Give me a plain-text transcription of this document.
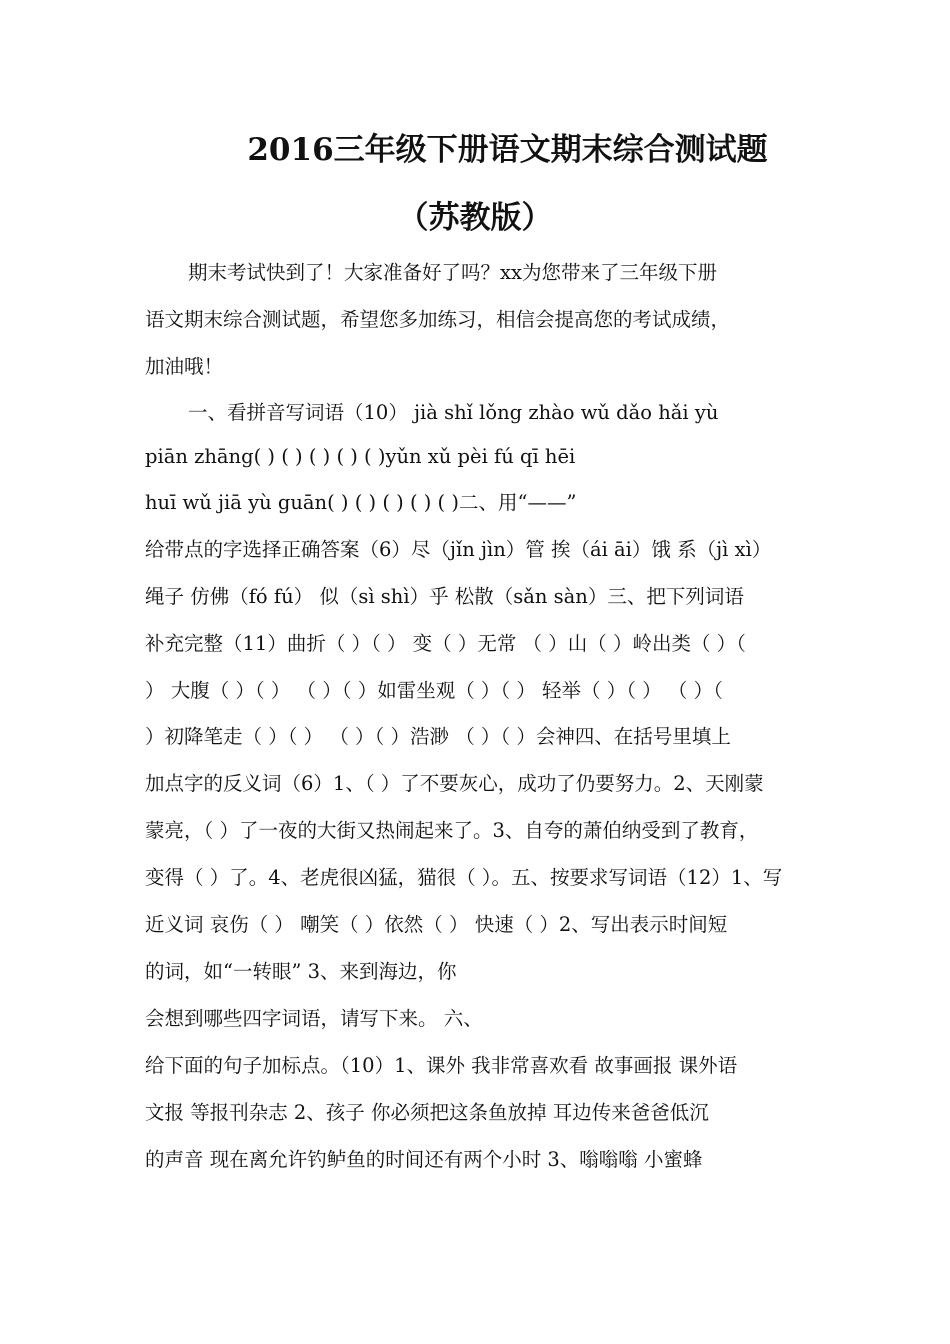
2016三年级下册语文期末综合测试题
（苏教版）
期末考试快到了！大家准备好了吗？xx为您带来了三年级下册
语文期末综合测试题，希望您多加练习，相信会提高您的考试成绩，
加油哦！
一、看拼音写词语（10） jià shǐ lǒng zhào wǔ dǎo hǎi yù
piān zhāng( ) ( ) ( ) ( ) ( )yǔn xǔ pèi fú qī hēi
huī wǔ jiā yù guān( ) ( ) ( ) ( ) ( )二、用“——”
给带点的字选择正确答案（6）尽（jǐn jìn）管 挨（ái āi）饿 系（jì xì）
绳子 仿佛（fó fú） 似（sì shì）乎 松散（sǎn sàn）三、把下列词语
补充完整（11）曲折（ ）（ ） 变（ ）无常 （ ）山（ ）岭出类（ ）（
） 大腹（ ）（ ） （ ）（ ）如雷坐观（ ）（ ） 轻举（ ）（ ） （ ）（
）初降笔走（ ）（ ） （ ）（ ）浩渺 （ ）（ ）会神四、在括号里填上
加点字的反义词（6）1、（ ）了不要灰心，成功了仍要努力。2、天刚蒙
蒙亮，（ ）了一夜的大街又热闹起来了。3、自夸的萧伯纳受到了教育，
变得（ ）了。4、老虎很凶猛，猫很（ ）。五、按要求写词语（12）1、写
近义词 哀伤（ ） 嘲笑（ ）依然（ ） 快速（ ）2、写出表示时间短
的词，如“一转眼” 3、来到海边，你
会想到哪些四字词语，请写下来。 六、
给下面的句子加标点。（10）1、课外 我非常喜欢看 故事画报 课外语
文报 等报刊杂志 2、孩子 你必须把这条鱼放掉 耳边传来爸爸低沉
的声音 现在离允许钓鲈鱼的时间还有两个小时 3、嗡嗡嗡 小蜜蜂
